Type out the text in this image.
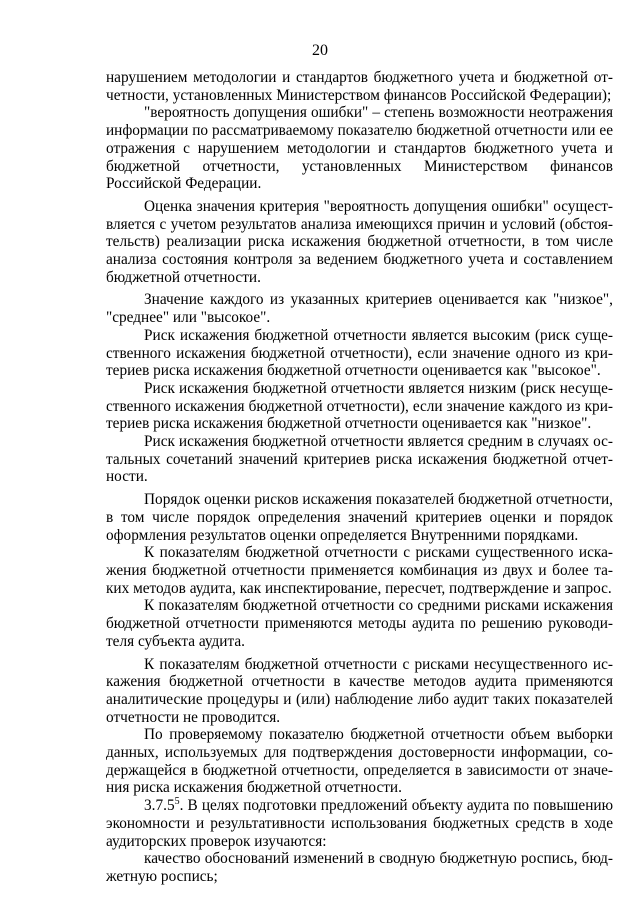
20

нарушением методологии и стандартов бюджетного учета и бюджетной отчетности, установленных Министерством финансов Российской Федерации);

"вероятность допущения ошибки" – степень возможности неотражения информации по рассматриваемому показателю бюджетной отчетности или ее отражения с нарушением методологии и стандартов бюджетного учета и бюджетной отчетности, установленных Министерством финансов Российской Федерации.

Оценка значения критерия "вероятность допущения ошибки" осуществляется с учетом результатов анализа имеющихся причин и условий (обстоятельств) реализации риска искажения бюджетной отчетности, в том числе анализа состояния контроля за ведением бюджетного учета и составлением бюджетной отчетности.

Значение каждого из указанных критериев оценивается как "низкое", "среднее" или "высокое".

Риск искажения бюджетной отчетности является высоким (риск существенного искажения бюджетной отчетности), если значение одного из критериев риска искажения бюджетной отчетности оценивается как "высокое".

Риск искажения бюджетной отчетности является низким (риск несущественного искажения бюджетной отчетности), если значение каждого из критериев риска искажения бюджетной отчетности оценивается как "низкое".

Риск искажения бюджетной отчетности является средним в случаях остальных сочетаний значений критериев риска искажения бюджетной отчетности.

Порядок оценки рисков искажения показателей бюджетной отчетности, в том числе порядок определения значений критериев оценки и порядок оформления результатов оценки определяется Внутренними порядками.

К показателям бюджетной отчетности с рисками существенного искажения бюджетной отчетности применяется комбинация из двух и более таких методов аудита, как инспектирование, пересчет, подтверждение и запрос.

К показателям бюджетной отчетности со средними рисками искажения бюджетной отчетности применяются методы аудита по решению руководителя субъекта аудита.

К показателям бюджетной отчетности с рисками несущественного искажения бюджетной отчетности в качестве методов аудита применяются аналитические процедуры и (или) наблюдение либо аудит таких показателей отчетности не проводится.

По проверяемому показателю бюджетной отчетности объем выборки данных, используемых для подтверждения достоверности информации, содержащейся в бюджетной отчетности, определяется в зависимости от значения риска искажения бюджетной отчетности.

3.7.5$^5$. В целях подготовки предложений объекту аудита по повышению экономности и результативности использования бюджетных средств в ходе аудиторских проверок изучаются:

качество обоснований изменений в сводную бюджетную роспись, бюджетную роспись;
